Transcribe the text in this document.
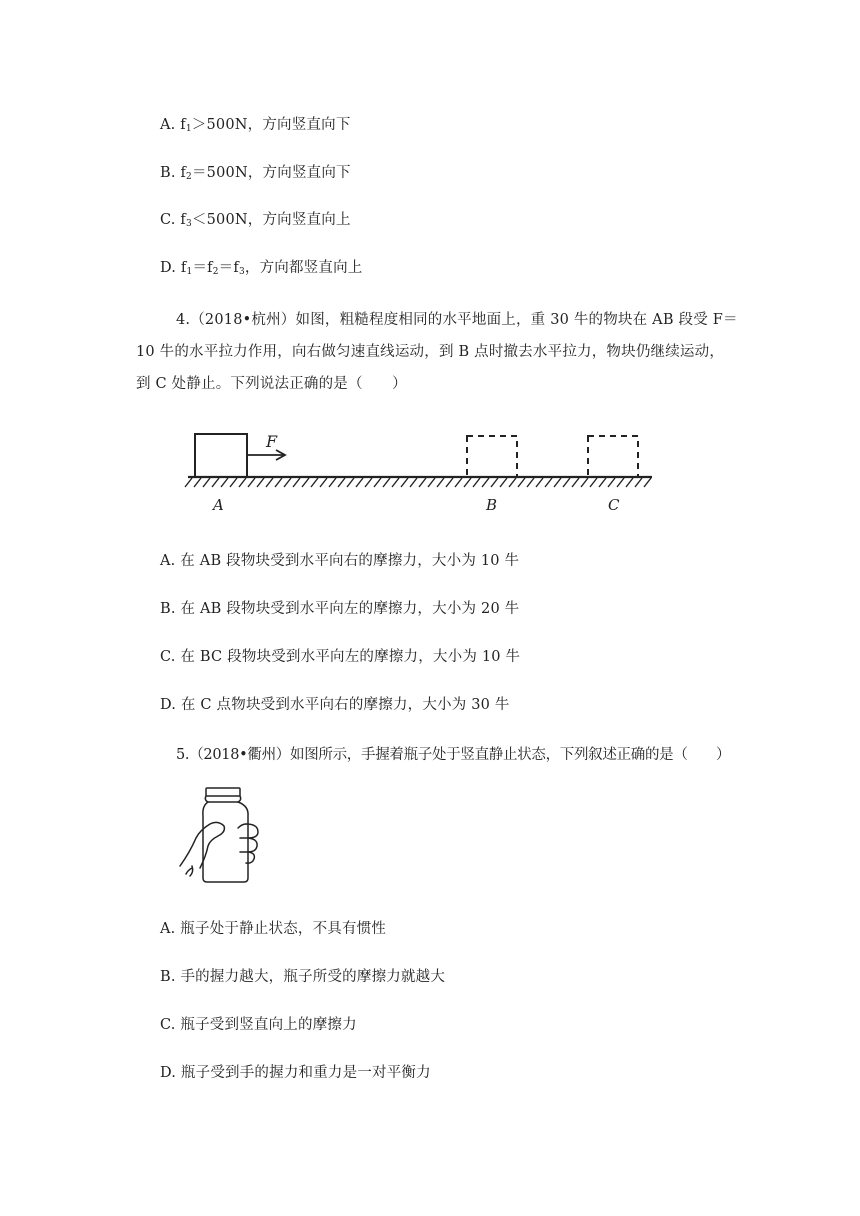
A. $f_1>500N$，方向竖直向下
B. $f_2=500N$，方向竖直向下
C. $f_3<500N$，方向竖直向上
D. $f_1=f_2=f_3$，方向都竖直向上
4.（2018•杭州）如图，粗糙程度相同的水平地面上，重 30 牛的物块在 AB 段受 F＝
10 牛的水平拉力作用，向右做匀速直线运动，到 B 点时撤去水平拉力，物块仍继续运动，
到 C 处静止。下列说法正确的是（　　）
F
A	B	C
A. 在 AB 段物块受到水平向右的摩擦力，大小为 10 牛
B. 在 AB 段物块受到水平向左的摩擦力，大小为 20 牛
C. 在 BC 段物块受到水平向左的摩擦力，大小为 10 牛
D. 在 C 点物块受到水平向右的摩擦力，大小为 30 牛
5.（2018•衢州）如图所示，手握着瓶子处于竖直静止状态，下列叙述正确的是（　　）
A. 瓶子处于静止状态，不具有惯性
B. 手的握力越大，瓶子所受的摩擦力就越大
C. 瓶子受到竖直向上的摩擦力
D. 瓶子受到手的握力和重力是一对平衡力
